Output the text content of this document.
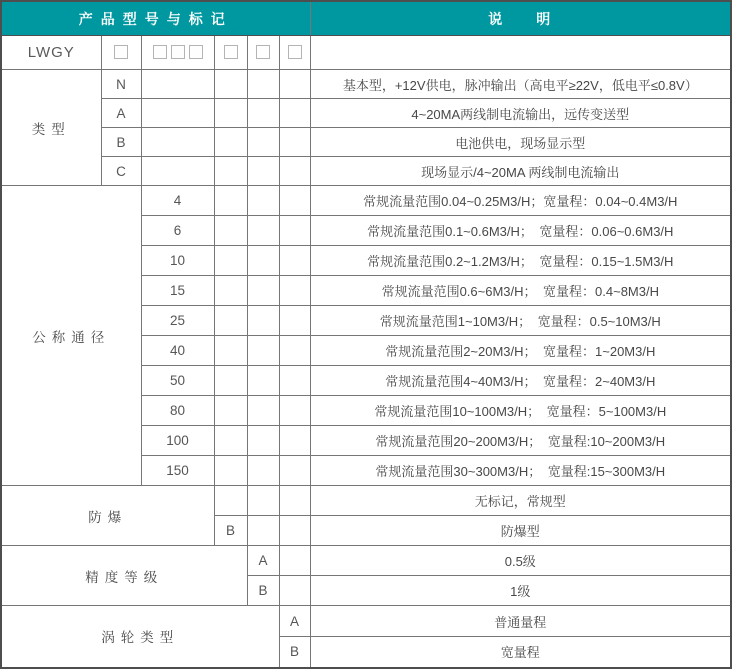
产品型号与标记						说　　明
LWGY						
类型	N					基本型，+12V供电，脉冲输出（高电平≥22V，低电平≤0.8V）
	A					4~20MA两线制电流输出，远传变送型
	B					电池供电，现场显示型
	C					现场显示/4~20MA 两线制电流输出
公称通径		4				常规流量范围0.04~0.25M3/H；宽量程：0.04~0.4M3/H
		6				常规流量范围0.1~0.6M3/H；　宽量程：0.06~0.6M3/H
		10				常规流量范围0.2~1.2M3/H；　宽量程：0.15~1.5M3/H
		15				常规流量范围0.6~6M3/H；　宽量程：0.4~8M3/H
		25				常规流量范围1~10M3/H；　宽量程：0.5~10M3/H
		40				常规流量范围2~20M3/H；　宽量程：1~20M3/H
		50				常规流量范围4~40M3/H；　宽量程：2~40M3/H
		80				常规流量范围10~100M3/H；　宽量程：5~100M3/H
		100				常规流量范围20~200M3/H；　宽量程:10~200M3/H
		150				常规流量范围30~300M3/H；　宽量程:15~300M3/H
防爆						无标记，常规型
			B			防爆型
精度等级				A		0.5级
				B		1级
涡轮类型					A	普通量程
					B	宽量程
